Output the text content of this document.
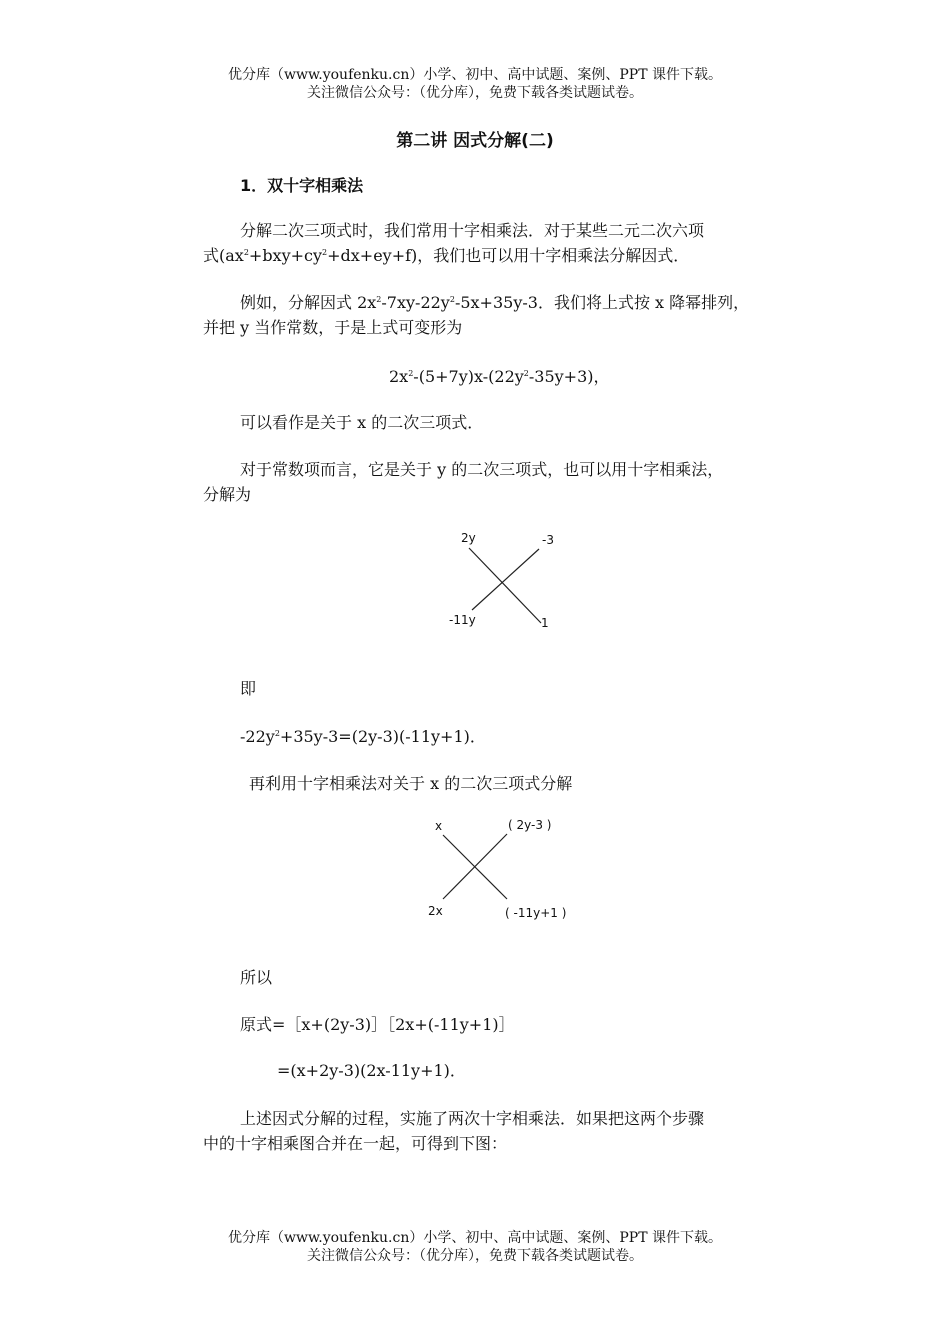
优分库（www.youfenku.cn）小学、初中、高中试题、案例、PPT 课件下载。
关注微信公众号：（优分库），免费下载各类试题试卷。
第二讲 因式分解(二)
1．双十字相乘法
分解二次三项式时，我们常用十字相乘法．对于某些二元二次六项
式$(ax^2+bxy+cy^2+dx+ey+f)$，我们也可以用十字相乘法分解因式．
例如，分解因式 $2x^2-7xy-22y^2-5x+35y-3$．我们将上式按 x 降幂排列，
并把 y 当作常数，于是上式可变形为
$2x^2-(5+7y)x-(22y^2-35y+3)$，
可以看作是关于 x 的二次三项式．
对于常数项而言，它是关于 y 的二次三项式，也可以用十字相乘法，
分解为
2y	-3
-11y	1
即
$-22y^2+35y-3=(2y-3)(-11y+1)$．
再利用十字相乘法对关于 x 的二次三项式分解
x	( 2y-3 )
2x	( -11y+1 )
所以
原式=［x+(2y-3)］［2x+(-11y+1)］
=(x+2y-3)(2x-11y+1)．
上述因式分解的过程，实施了两次十字相乘法．如果把这两个步骤
中的十字相乘图合并在一起，可得到下图：
优分库（www.youfenku.cn）小学、初中、高中试题、案例、PPT 课件下载。
关注微信公众号：（优分库），免费下载各类试题试卷。
